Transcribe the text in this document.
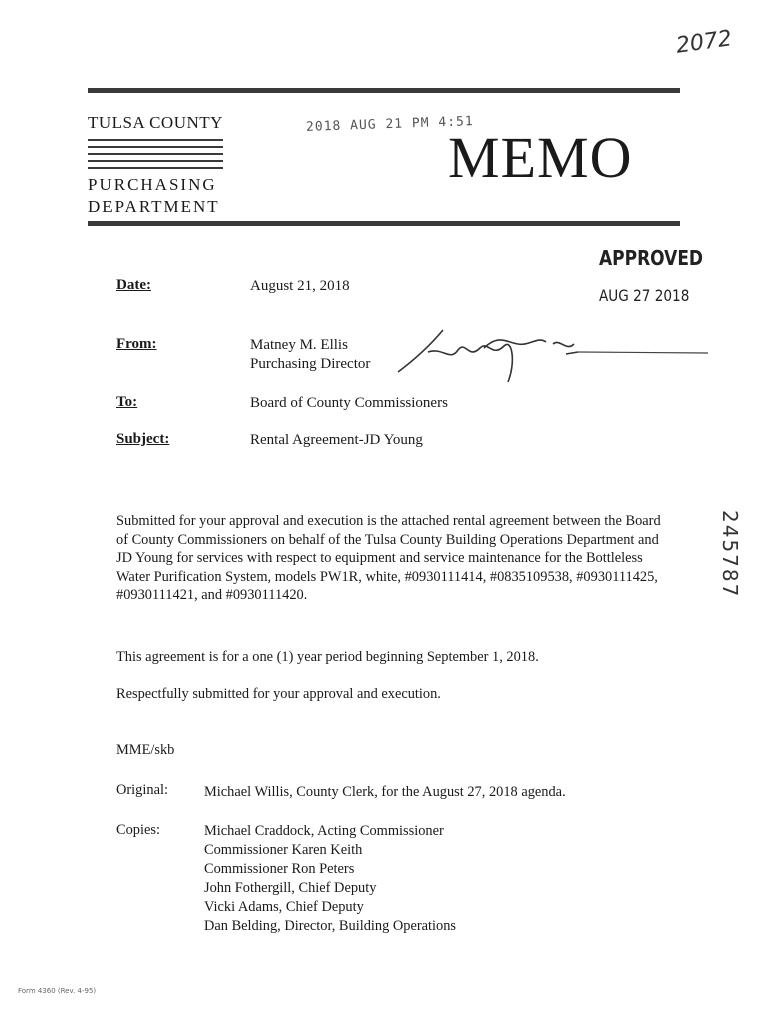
2072
TULSA COUNTY
PURCHASING
DEPARTMENT
2018 AUG 21 PM 4:51
MEMO
APPROVED
AUG 27 2018
Date:	August 21, 2018
From:	Matney M. Ellis
Purchasing Director
To:	Board of County Commissioners
Subject:	Rental Agreement-JD Young
Submitted for your approval and execution is the attached rental agreement between the Board of County Commissioners on behalf of the Tulsa County Building Operations Department and JD Young for services with respect to equipment and service maintenance for the Bottleless Water Purification System, models PW1R, white, #0930111414, #0835109538, #0930111425, #0930111421, and #0930111420.
This agreement is for a one (1) year period beginning September 1, 2018.
Respectfully submitted for your approval and execution.
MME/skb
Original:	Michael Willis, County Clerk, for the August 27, 2018 agenda.
Copies:	Michael Craddock, Acting Commissioner
Commissioner Karen Keith
Commissioner Ron Peters
John Fothergill, Chief Deputy
Vicki Adams, Chief Deputy
Dan Belding, Director, Building Operations
245787
Form 4360 (Rev. 4-95)
